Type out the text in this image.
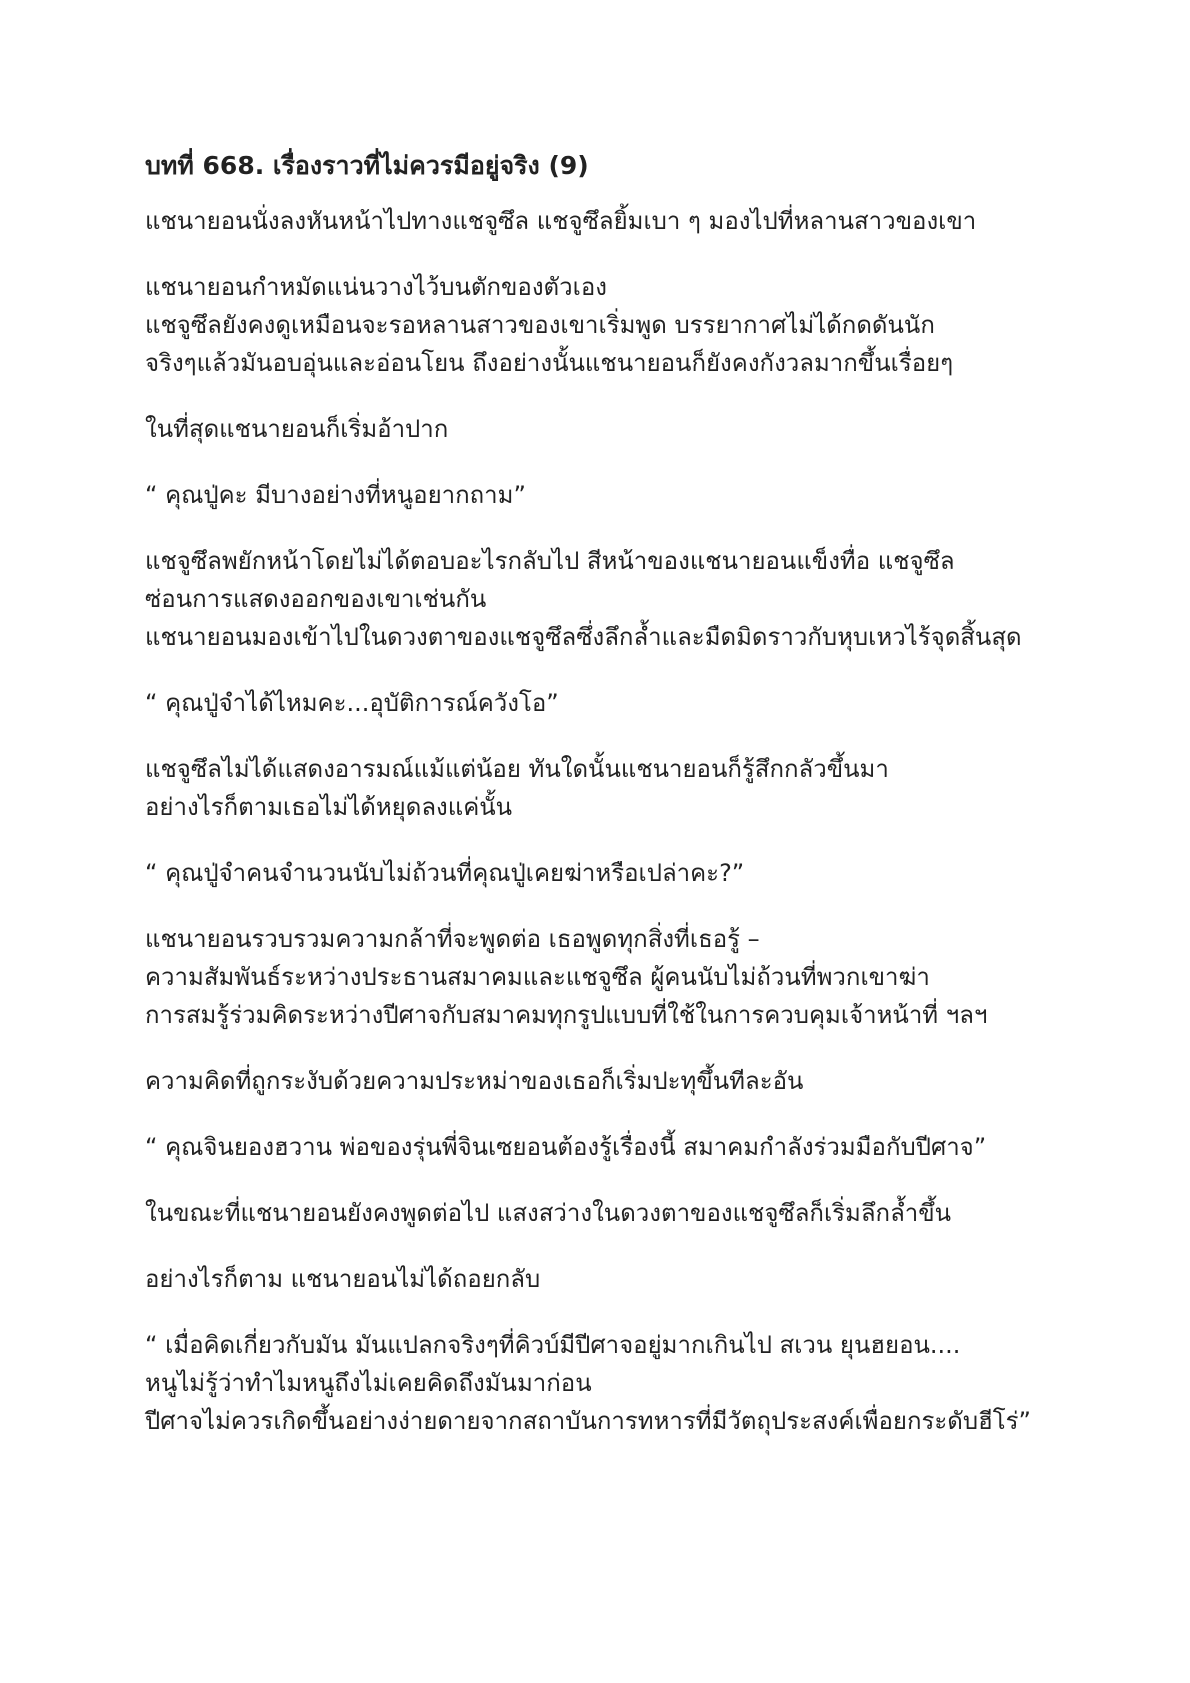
บทที่ 668. เรื่องราวที่ไม่ควรมีอยู่จริง (9)
แชนายอนนั่งลงหันหน้าไปทางแชจูซึล แชจูซึลยิ้มเบา ๆ มองไปที่หลานสาวของเขา
แชนายอนกำหมัดแน่นวางไว้บนตักของตัวเอง
แชจูซึลยังคงดูเหมือนจะรอหลานสาวของเขาเริ่มพูด บรรยากาศไม่ได้กดดันนัก
จริงๆแล้วมันอบอุ่นและอ่อนโยน ถึงอย่างนั้นแชนายอนก็ยังคงกังวลมากขึ้นเรื่อยๆ
ในที่สุดแชนายอนก็เริ่มอ้าปาก
“ คุณปู่คะ มีบางอย่างที่หนูอยากถาม”
แชจูซึลพยักหน้าโดยไม่ได้ตอบอะไรกลับไป สีหน้าของแชนายอนแข็งทื่อ แชจูซึล
ซ่อนการแสดงออกของเขาเช่นกัน
แชนายอนมองเข้าไปในดวงตาของแชจูซึลซึ่งลึกล้ำและมืดมิดราวกับหุบเหวไร้จุดสิ้นสุด
“ คุณปู่จำได้ไหมคะ...อุบัติการณ์ควังโอ”
แชจูซึลไม่ได้แสดงอารมณ์แม้แต่น้อย ทันใดนั้นแชนายอนก็รู้สึกกลัวขึ้นมา
อย่างไรก็ตามเธอไม่ได้หยุดลงแค่นั้น
“ คุณปู่จำคนจำนวนนับไม่ถ้วนที่คุณปู่เคยฆ่าหรือเปล่าคะ?”
แชนายอนรวบรวมความกล้าที่จะพูดต่อ เธอพูดทุกสิ่งที่เธอรู้ –
ความสัมพันธ์ระหว่างประธานสมาคมและแชจูซึล ผู้คนนับไม่ถ้วนที่พวกเขาฆ่า
การสมรู้ร่วมคิดระหว่างปีศาจกับสมาคมทุกรูปแบบที่ใช้ในการควบคุมเจ้าหน้าที่ ฯลฯ
ความคิดที่ถูกระงับด้วยความประหม่าของเธอก็เริ่มปะทุขึ้นทีละอัน
“ คุณจินยองฮวาน พ่อของรุ่นพี่จินเซยอนต้องรู้เรื่องนี้ สมาคมกำลังร่วมมือกับปีศาจ”
ในขณะที่แชนายอนยังคงพูดต่อไป แสงสว่างในดวงตาของแชจูซึลก็เริ่มลึกล้ำขึ้น
อย่างไรก็ตาม แชนายอนไม่ได้ถอยกลับ
“ เมื่อคิดเกี่ยวกับมัน มันแปลกจริงๆที่คิวบ์มีปีศาจอยู่มากเกินไป สเวน ยุนฮยอน....
หนูไม่รู้ว่าทำไมหนูถึงไม่เคยคิดถึงมันมาก่อน
ปีศาจไม่ควรเกิดขึ้นอย่างง่ายดายจากสถาบันการทหารที่มีวัตถุประสงค์เพื่อยกระดับฮีโร่”
